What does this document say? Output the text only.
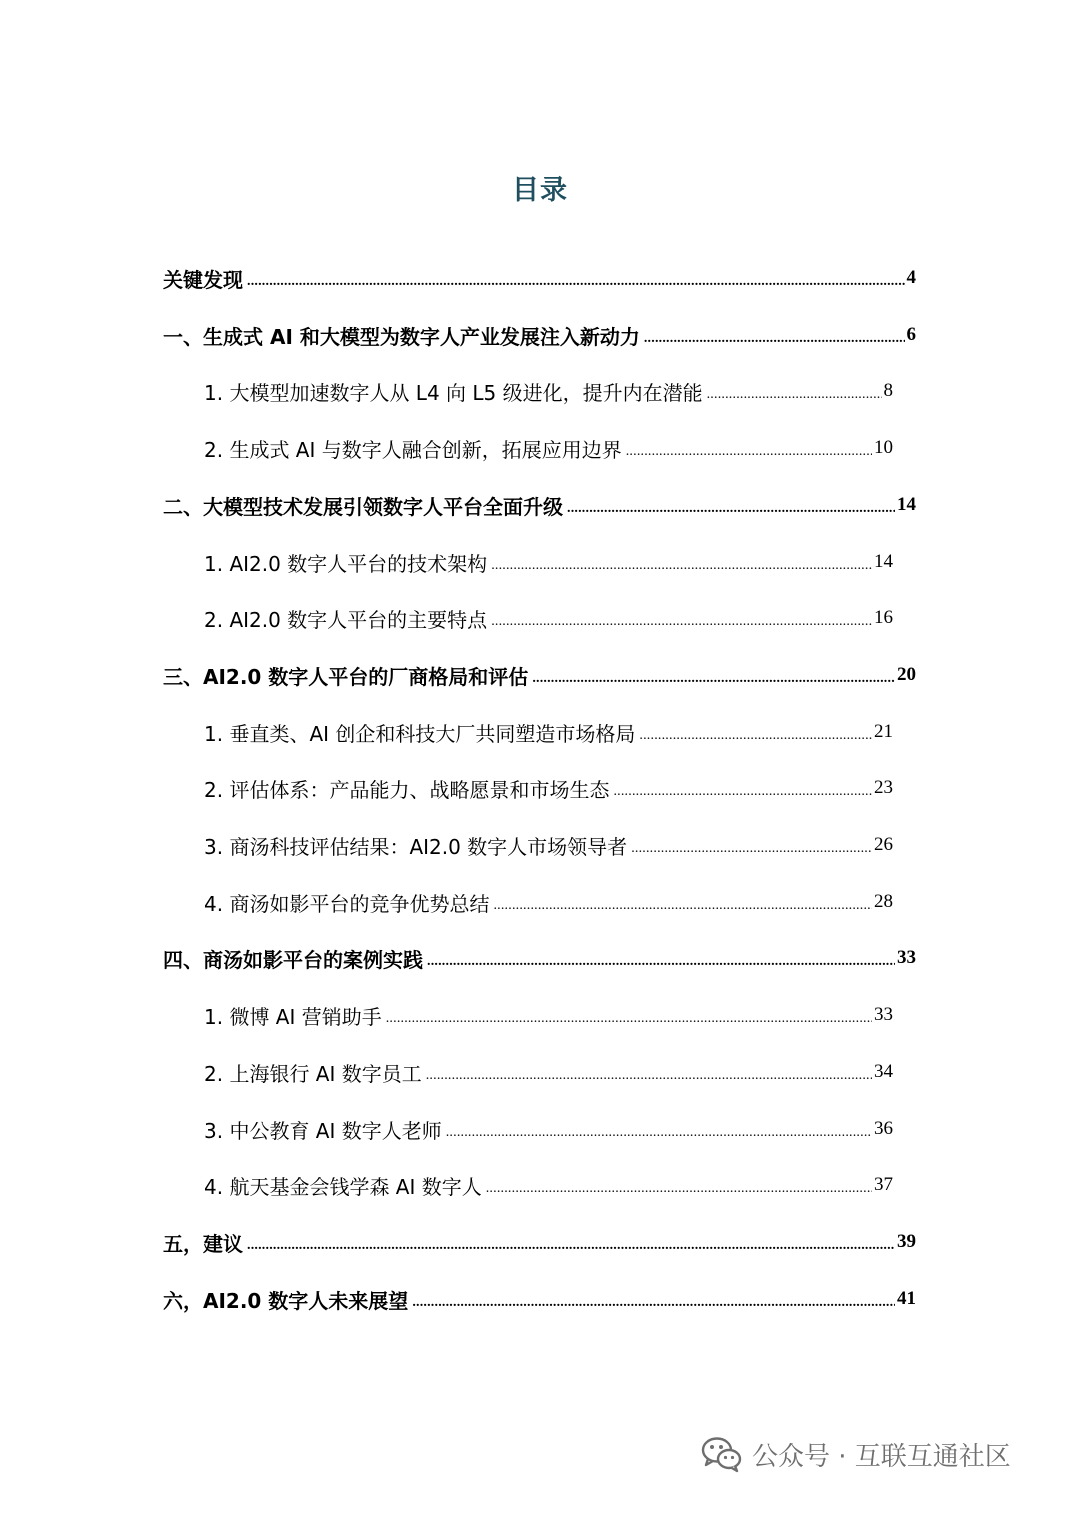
目录
关键发现 .....	4
一、生成式 AI 和大模型为数字人产业发展注入新动力 .....	6
1. 大模型加速数字人从 L4 向 L5 级进化，提升内在潜能 .....	8
2. 生成式 AI 与数字人融合创新，拓展应用边界 .....	10
二、大模型技术发展引领数字人平台全面升级 .....	14
1. AI2.0 数字人平台的技术架构 .....	14
2. AI2.0 数字人平台的主要特点 .....	16
三、AI2.0 数字人平台的厂商格局和评估 .....	20
1. 垂直类、AI 创企和科技大厂共同塑造市场格局 .....	21
2. 评估体系：产品能力、战略愿景和市场生态 .....	23
3. 商汤科技评估结果：AI2.0 数字人市场领导者 .....	26
4. 商汤如影平台的竞争优势总结 .....	28
四、商汤如影平台的案例实践 .....	33
1. 微博 AI 营销助手 .....	33
2. 上海银行 AI 数字员工 .....	34
3. 中公教育 AI 数字人老师 .....	36
4. 航天基金会钱学森 AI 数字人 .....	37
五，建议 .....	39
六，AI2.0 数字人未来展望 .....	41
公众号 · 互联互通社区
